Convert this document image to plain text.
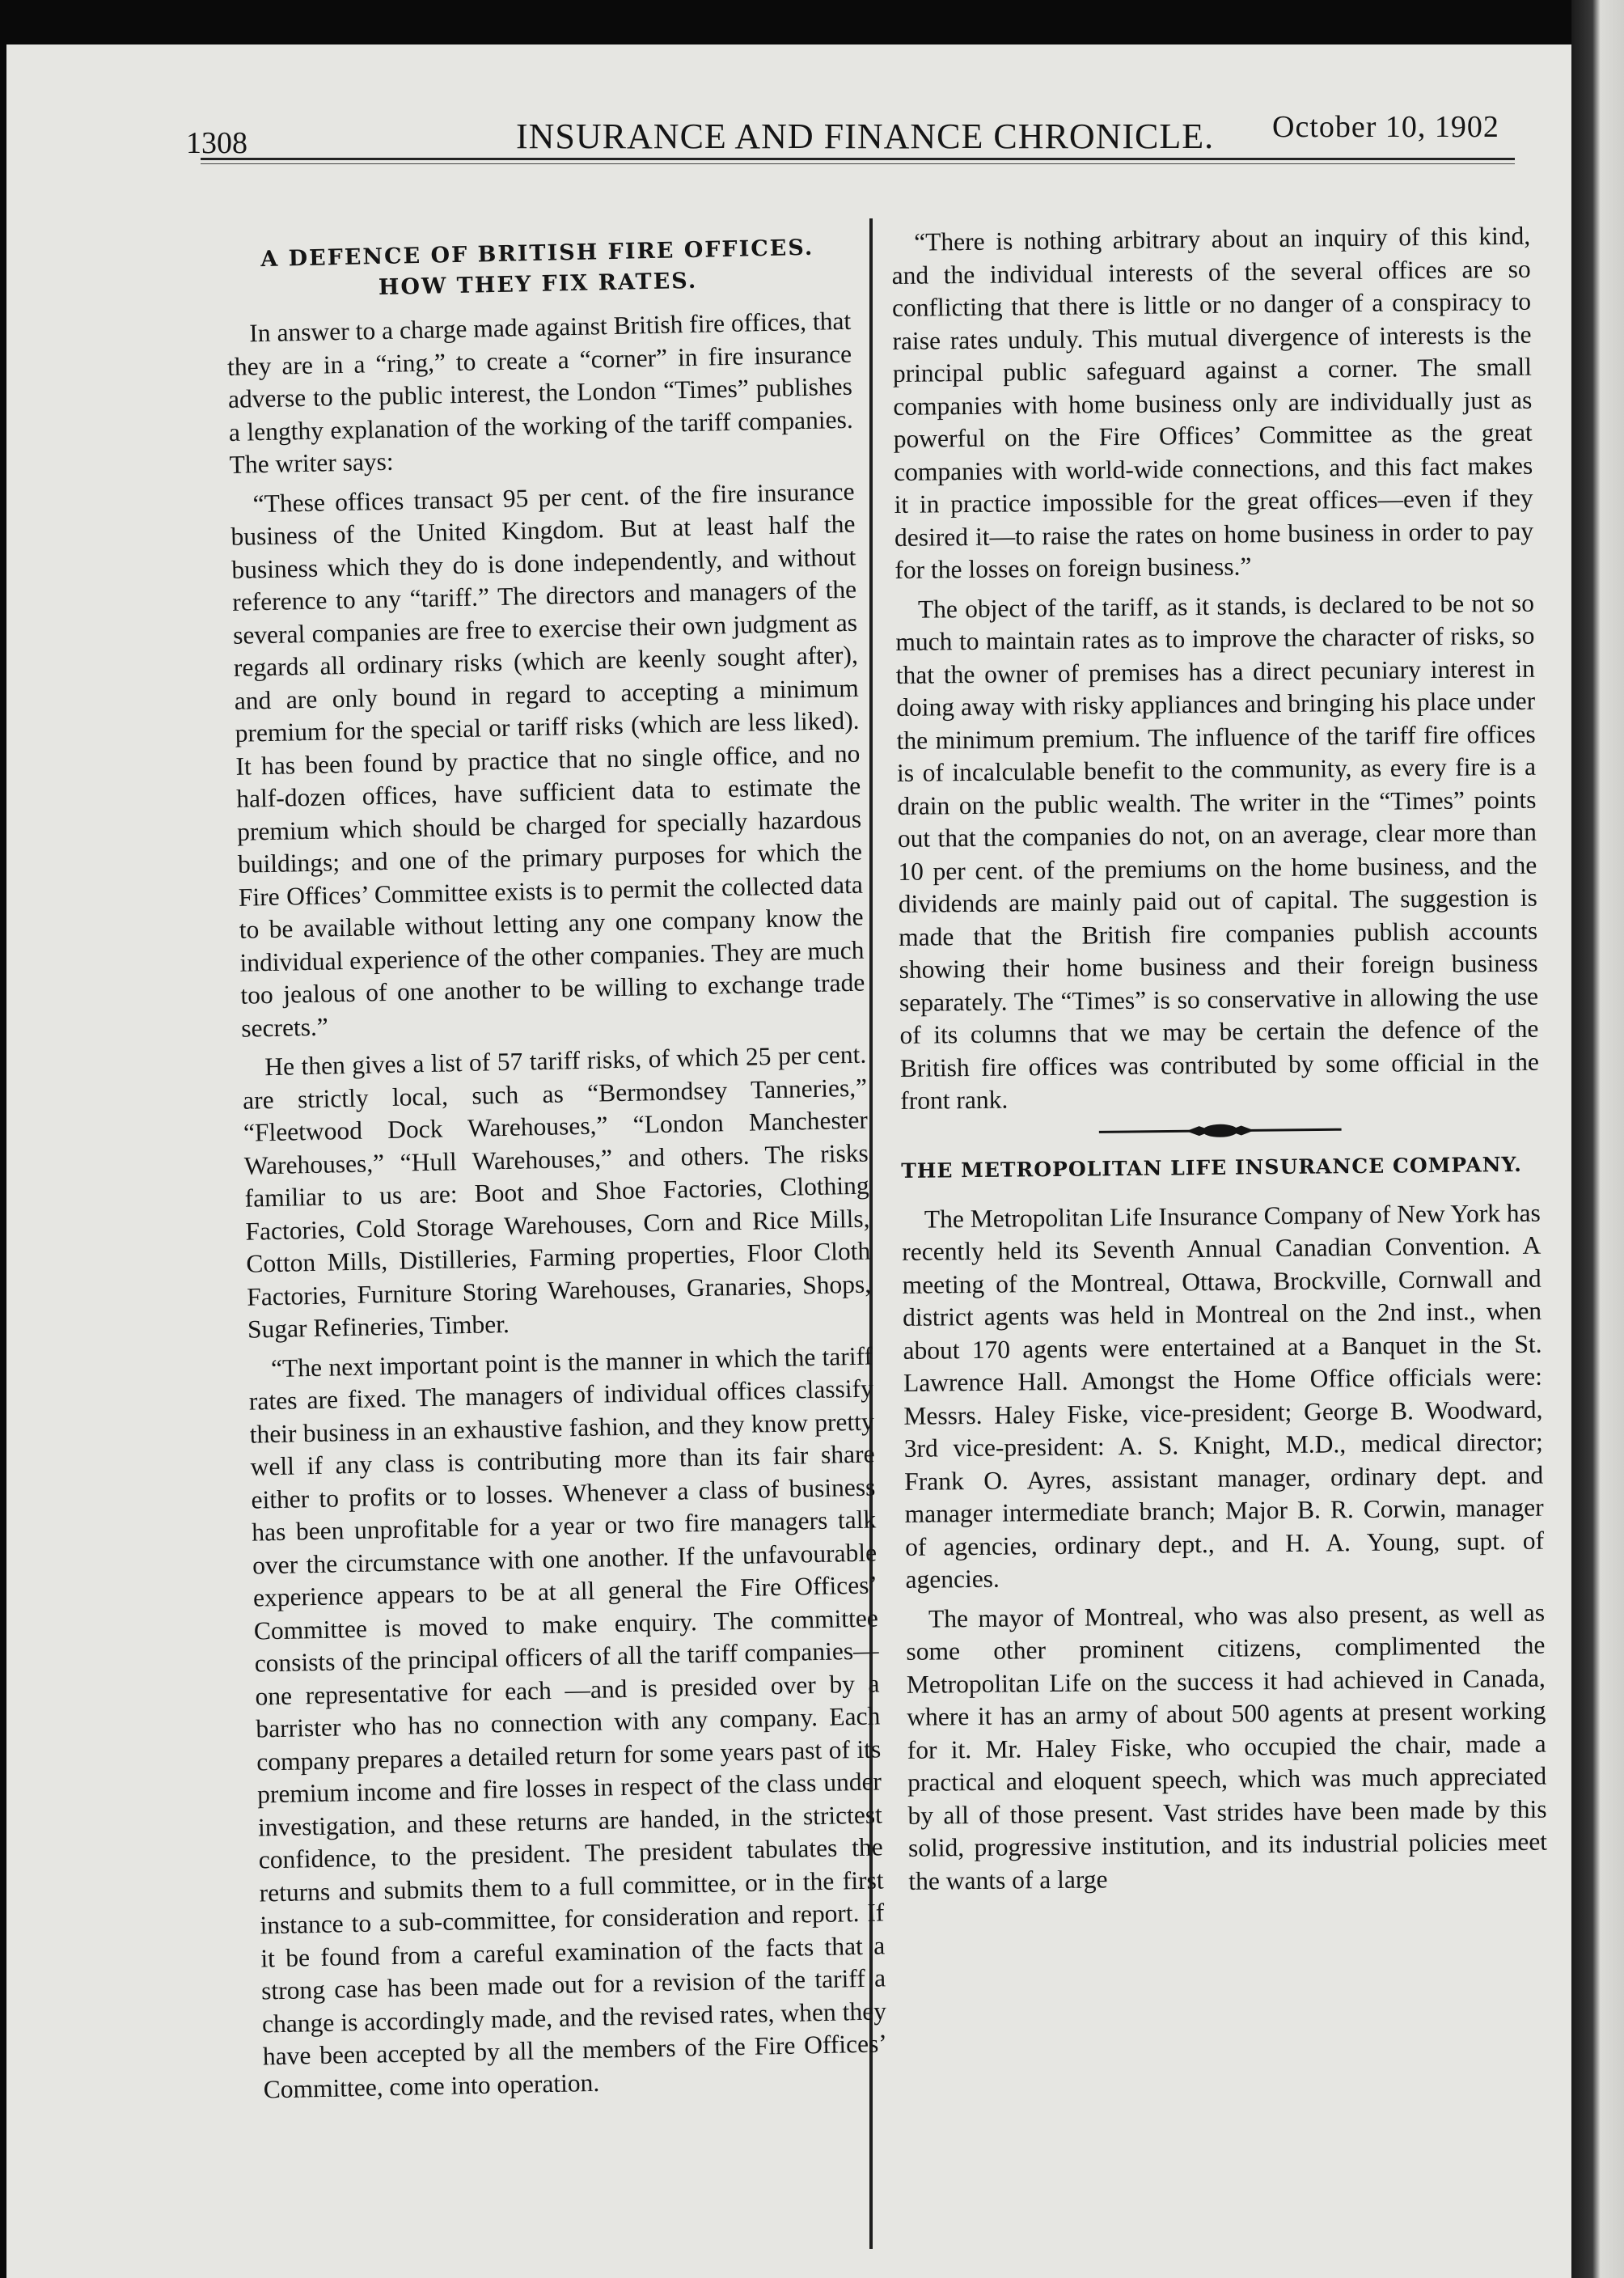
1308	INSURANCE AND FINANCE CHRONICLE. October 10, 1902
A DEFENCE OF BRITISH FIRE OFFICES.
HOW THEY FIX RATES.

In answer to a charge made against British fire offices, that they are in a “ring,” to create a “corner” in fire insurance adverse to the public interest, the London “Times” publishes a lengthy explanation of the working of the tariff companies. The writer says:

“These offices transact 95 per cent. of the fire insurance business of the United Kingdom. But at least half the business which they do is done independently, and without reference to any “tariff.” The directors and managers of the several companies are free to exercise their own judgment as regards all ordinary risks (which are keenly sought after), and are only bound in regard to accepting a minimum premium for the special or tariff risks (which are less liked). It has been found by practice that no single office, and no half-dozen offices, have sufficient data to estimate the premium which should be charged for specially hazardous buildings; and one of the primary purposes for which the Fire Offices’ Committee exists is to permit the collected data to be available without letting any one company know the individual experience of the other companies. They are much too jealous of one another to be willing to exchange trade secrets.”

He then gives a list of 57 tariff risks, of which 25 per cent. are strictly local, such as “Bermondsey Tanneries,” “Fleetwood Dock Warehouses,” “London Manchester Warehouses,” “Hull Warehouses,” and others. The risks familiar to us are: Boot and Shoe Factories, Clothing Factories, Cold Storage Warehouses, Corn and Rice Mills, Cotton Mills, Distilleries, Farming properties, Floor Cloth Factories, Furniture Storing Warehouses, Granaries, Shops, Sugar Refineries, Timber.

“The next important point is the manner in which the tariff rates are fixed. The managers of individual offices classify their business in an exhaustive fashion, and they know pretty well if any class is contributing more than its fair share either to profits or to losses. Whenever a class of business has been unprofitable for a year or two fire managers talk over the circumstance with one another. If the unfavourable experience appears to be at all general the Fire Offices’ Committee is moved to make enquiry. The committee consists of the principal officers of all the tariff companies—one representative for each —and is presided over by a barrister who has no connection with any company. Each company prepares a detailed return for some years past of its premium income and fire losses in respect of the class under investigation, and these returns are handed, in the strictest confidence, to the president. The president tabulates the returns and submits them to a full committee, or in the first instance to a sub-committee, for consideration and report. If it be found from a careful examination of the facts that a strong case has been made out for a revision of the tariff a change is accordingly made, and the revised rates, when they have been accepted by all the members of the Fire Offices’ Committee, come into operation.

“There is nothing arbitrary about an inquiry of this kind, and the individual interests of the several offices are so conflicting that there is little or no danger of a conspiracy to raise rates unduly. This mutual divergence of interests is the principal public safeguard against a corner. The small companies with home business only are individually just as powerful on the Fire Offices’ Committee as the great companies with world-wide connections, and this fact makes it in practice impossible for the great offices—even if they desired it—to raise the rates on home business in order to pay for the losses on foreign business.”

The object of the tariff, as it stands, is declared to be not so much to maintain rates as to improve the character of risks, so that the owner of premises has a direct pecuniary interest in doing away with risky appliances and bringing his place under the minimum premium. The influence of the tariff fire offices is of incalculable benefit to the community, as every fire is a drain on the public wealth. The writer in the “Times” points out that the companies do not, on an average, clear more than 10 per cent. of the premiums on the home business, and the dividends are mainly paid out of capital. The suggestion is made that the British fire companies publish accounts showing their home business and their foreign business separately. The “Times” is so conservative in allowing the use of its columns that we may be certain the defence of the British fire offices was contributed by some official in the front rank.

THE METROPOLITAN LIFE INSURANCE COMPANY.

The Metropolitan Life Insurance Company of New York has recently held its Seventh Annual Canadian Convention. A meeting of the Montreal, Ottawa, Brockville, Cornwall and district agents was held in Montreal on the 2nd inst., when about 170 agents were entertained at a Banquet in the St. Lawrence Hall. Amongst the Home Office officials were: Messrs. Haley Fiske, vice-president; George B. Woodward, 3rd vice-president: A. S. Knight, M.D., medical director; Frank O. Ayres, assistant manager, ordinary dept. and manager intermediate branch; Major B. R. Corwin, manager of agencies, ordinary dept., and H. A. Young, supt. of agencies.

The mayor of Montreal, who was also present, as well as some other prominent citizens, complimented the Metropolitan Life on the success it had achieved in Canada, where it has an army of about 500 agents at present working for it. Mr. Haley Fiske, who occupied the chair, made a practical and eloquent speech, which was much appreciated by all of those present. Vast strides have been made by this solid, progressive institution, and its industrial policies meet the wants of a large
